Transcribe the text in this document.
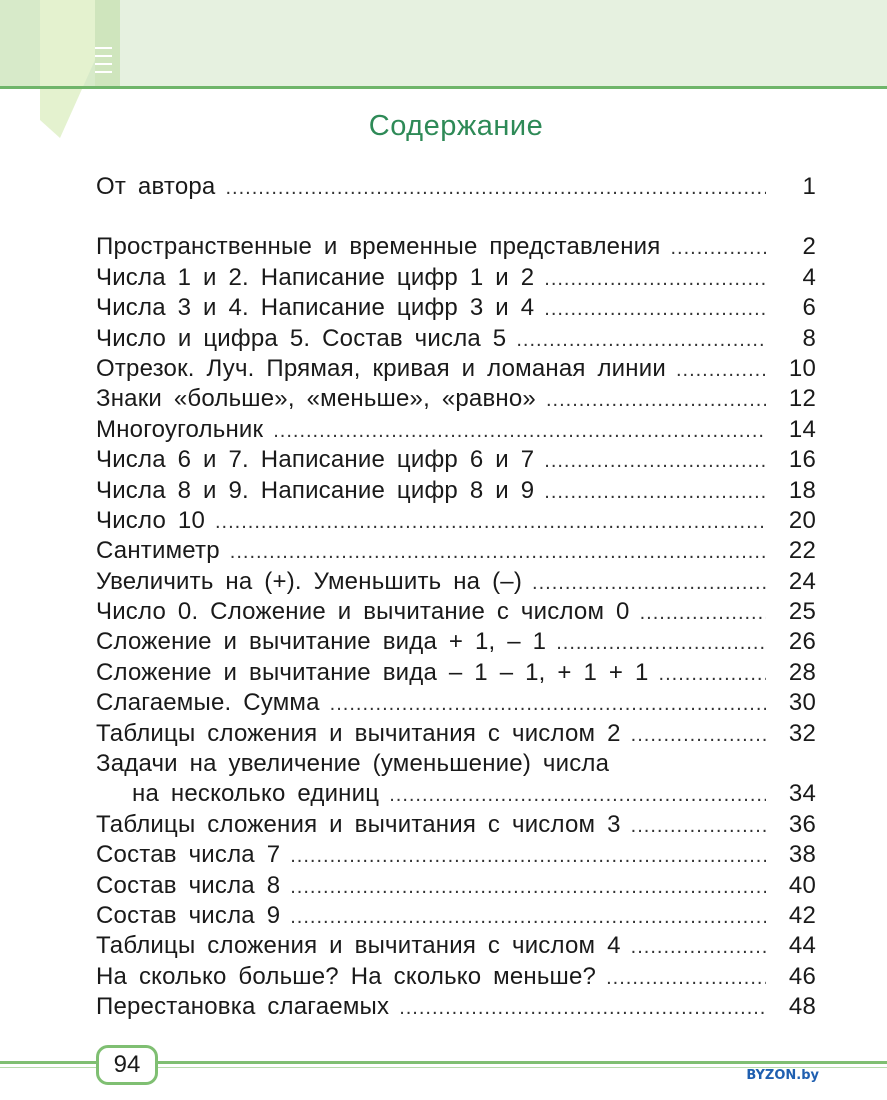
Содержание
От автора .....	1
Пространственные и временные представления .....	2
Числа 1 и 2. Написание цифр 1 и 2 .....	4
Числа 3 и 4. Написание цифр 3 и 4 .....	6
Число и цифра 5. Состав числа 5 .....	8
Отрезок. Луч. Прямая, кривая и ломаная линии .....	10
Знаки «больше», «меньше», «равно» .....	12
Многоугольник .....	14
Числа 6 и 7. Написание цифр 6 и 7 .....	16
Числа 8 и 9. Написание цифр 8 и 9 .....	18
Число 10 .....	20
Сантиметр .....	22
Увеличить на (+). Уменьшить на (–) .....	24
Число 0. Сложение и вычитание с числом 0 .....	25
Сложение и вычитание вида + 1, – 1 .....	26
Сложение и вычитание вида – 1 – 1, + 1 + 1 .....	28
Слагаемые. Сумма .....	30
Таблицы сложения и вычитания с числом 2 .....	32
Задачи на увеличение (уменьшение) числа
на несколько единиц .....	34
Таблицы сложения и вычитания с числом 3 .....	36
Состав числа 7 .....	38
Состав числа 8 .....	40
Состав числа 9 .....	42
Таблицы сложения и вычитания с числом 4 .....	44
На сколько больше? На сколько меньше? .....	46
Перестановка слагаемых .....	48
94	BYZON.by
